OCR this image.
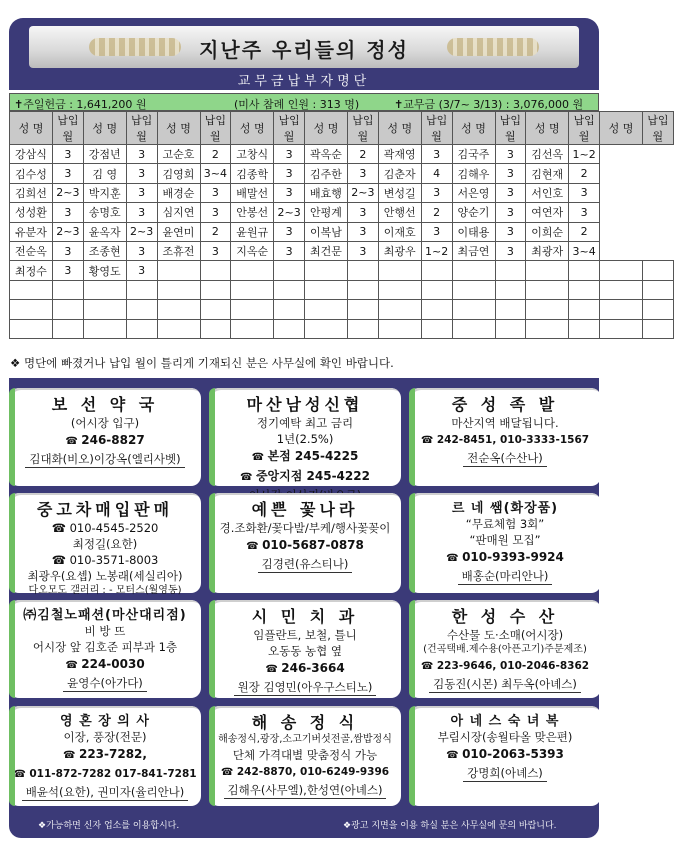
지난주 우리들의 정성
교무금납부자명단
✝주일헌금 : 1,641,200 원	(미사 참례 인원 : 313 명)	✝교무금 (3/7~ 3/13) : 3,076,000 원
성 명	납입월	성 명	납입월	성 명	납입월	성 명	납입월	성 명	납입월	성 명	납입월	성 명	납입월	성 명	납입월	성 명	납입월
강삼식	3	강점년	3	고순호	2	고창식	3	곽옥순	2	곽재영	3	김국주	3	김선옥	1~2		
김수성	3	김 영	3	김영희	3~4	김종학	3	김주한	3	김춘자	4	김해우	3	김현재	2		
김희선	2~3	박지훈	3	배경순	3	배말선	3	배효행	2~3	변성길	3	서은영	3	서인호	3		
성성환	3	송명호	3	심지연	3	안봉선	2~3	안평계	3	안행선	2	양순기	3	여연자	3		
유분자	2~3	윤옥자	2~3	윤연미	2	윤원규	3	이복남	3	이재호	3	이태용	3	이희순	2		
전순옥	3	조종현	3	조휴전	3	지옥순	3	최건문	3	최광우	1~2	최금연	3	최광자	3~4		
최정수	3	황영도	3														

❖ 명단에 빠졌거나 납입 월이 틀리게 기재되신 분은 사무실에 확인 바랍니다.
보 선 약 국
(어시장 입구)
☎ 246-8827
김대화(비오)이강옥(엘리사벳)
마산남성신협
정기예탁 최고 금리
1년(2.5%)
☎ 본점 245-4225
☎ 중앙지점 245-4222
중 성 족 발
마산지역 배달됩니다.
☎ 242-8451, 010-3333-1567
전순옥(수산나)
중고차매입판매
☎ 010-4545-2520
최정길(요한)
☎ 010-3571-8003
최광우(요셉) 노봉래(세실리아)
다오모도 갤러리 : - 모터스(월영동)
예쁜 꽃나라
경.조화환/꽃다발/부케/행사꽃꽂이
☎ 010-5687-0878
김경련(유스티나)
르 네 쌤(화장품)
“무료체험 3회”
“판매원 모집”
☎ 010-9393-9924
배홍순(마리안나)
㈜김철노패션(마산대리점)
비 방 뜨
어시장 앞 김호준 피부과 1층
☎ 224-0030
윤영수(아가다)
시 민 치 과
임플란트, 보철, 틀니
오동동 농협 옆
☎ 246-3664
원장 김영민(아우구스티노)
한 성 수 산
수산물 도·소매(어시장)
(건곡택배.제수용(아픈고기)주문제조)
☎ 223-9646, 010-2046-8362
김동진(시몬) 최두옥(아녜스)
영 혼 장 의 사
이장, 풍장(전문)
☎ 223-7282,
☎ 011-872-7282 017-841-7281
배윤석(요한), 권미자(율리안나)
해 송 정 식
해송정식,광장,소고기버섯전골,쌈밥정식
단체 가격대별 맞춤정식 가능
☎ 242-8870, 010-6249-9396
김해우(사무엘),한성연(아녜스)
아 네 스 숙 녀 복
부림시장(송월타올 맞은편)
☎ 010-2063-5393
강명희(아녜스)
❖가능하면 신자 업소를 이용합시다.	❖광고 지면을 이용 하실 분은 사무실에 문의 바랍니다.
